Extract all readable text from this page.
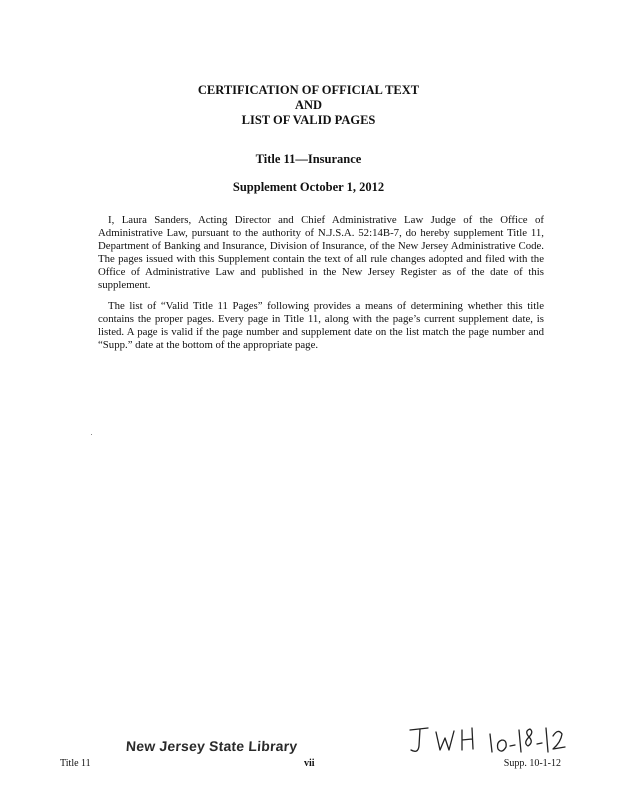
CERTIFICATION OF OFFICIAL TEXT
AND
LIST OF VALID PAGES
Title 11—Insurance
Supplement October 1, 2012

I, Laura Sanders, Acting Director and Chief Administrative Law Judge of the Office of Administrative Law, pursuant to the authority of N.J.S.A. 52:14B-7, do hereby supplement Title 11, Department of Banking and Insurance, Division of Insurance, of the New Jersey Administrative Code. The pages issued with this Supplement contain the text of all rule changes adopted and filed with the Office of Administrative Law and published in the New Jersey Register as of the date of this supplement.

The list of “Valid Title 11 Pages” following provides a means of determining whether this title contains the proper pages. Every page in Title 11, along with the page’s current supplement date, is listed. A page is valid if the page number and supplement date on the list match the page number and “Supp.” date at the bottom of the appropriate page.

New Jersey State Library
Title 11	vii	Supp. 10-1-12
